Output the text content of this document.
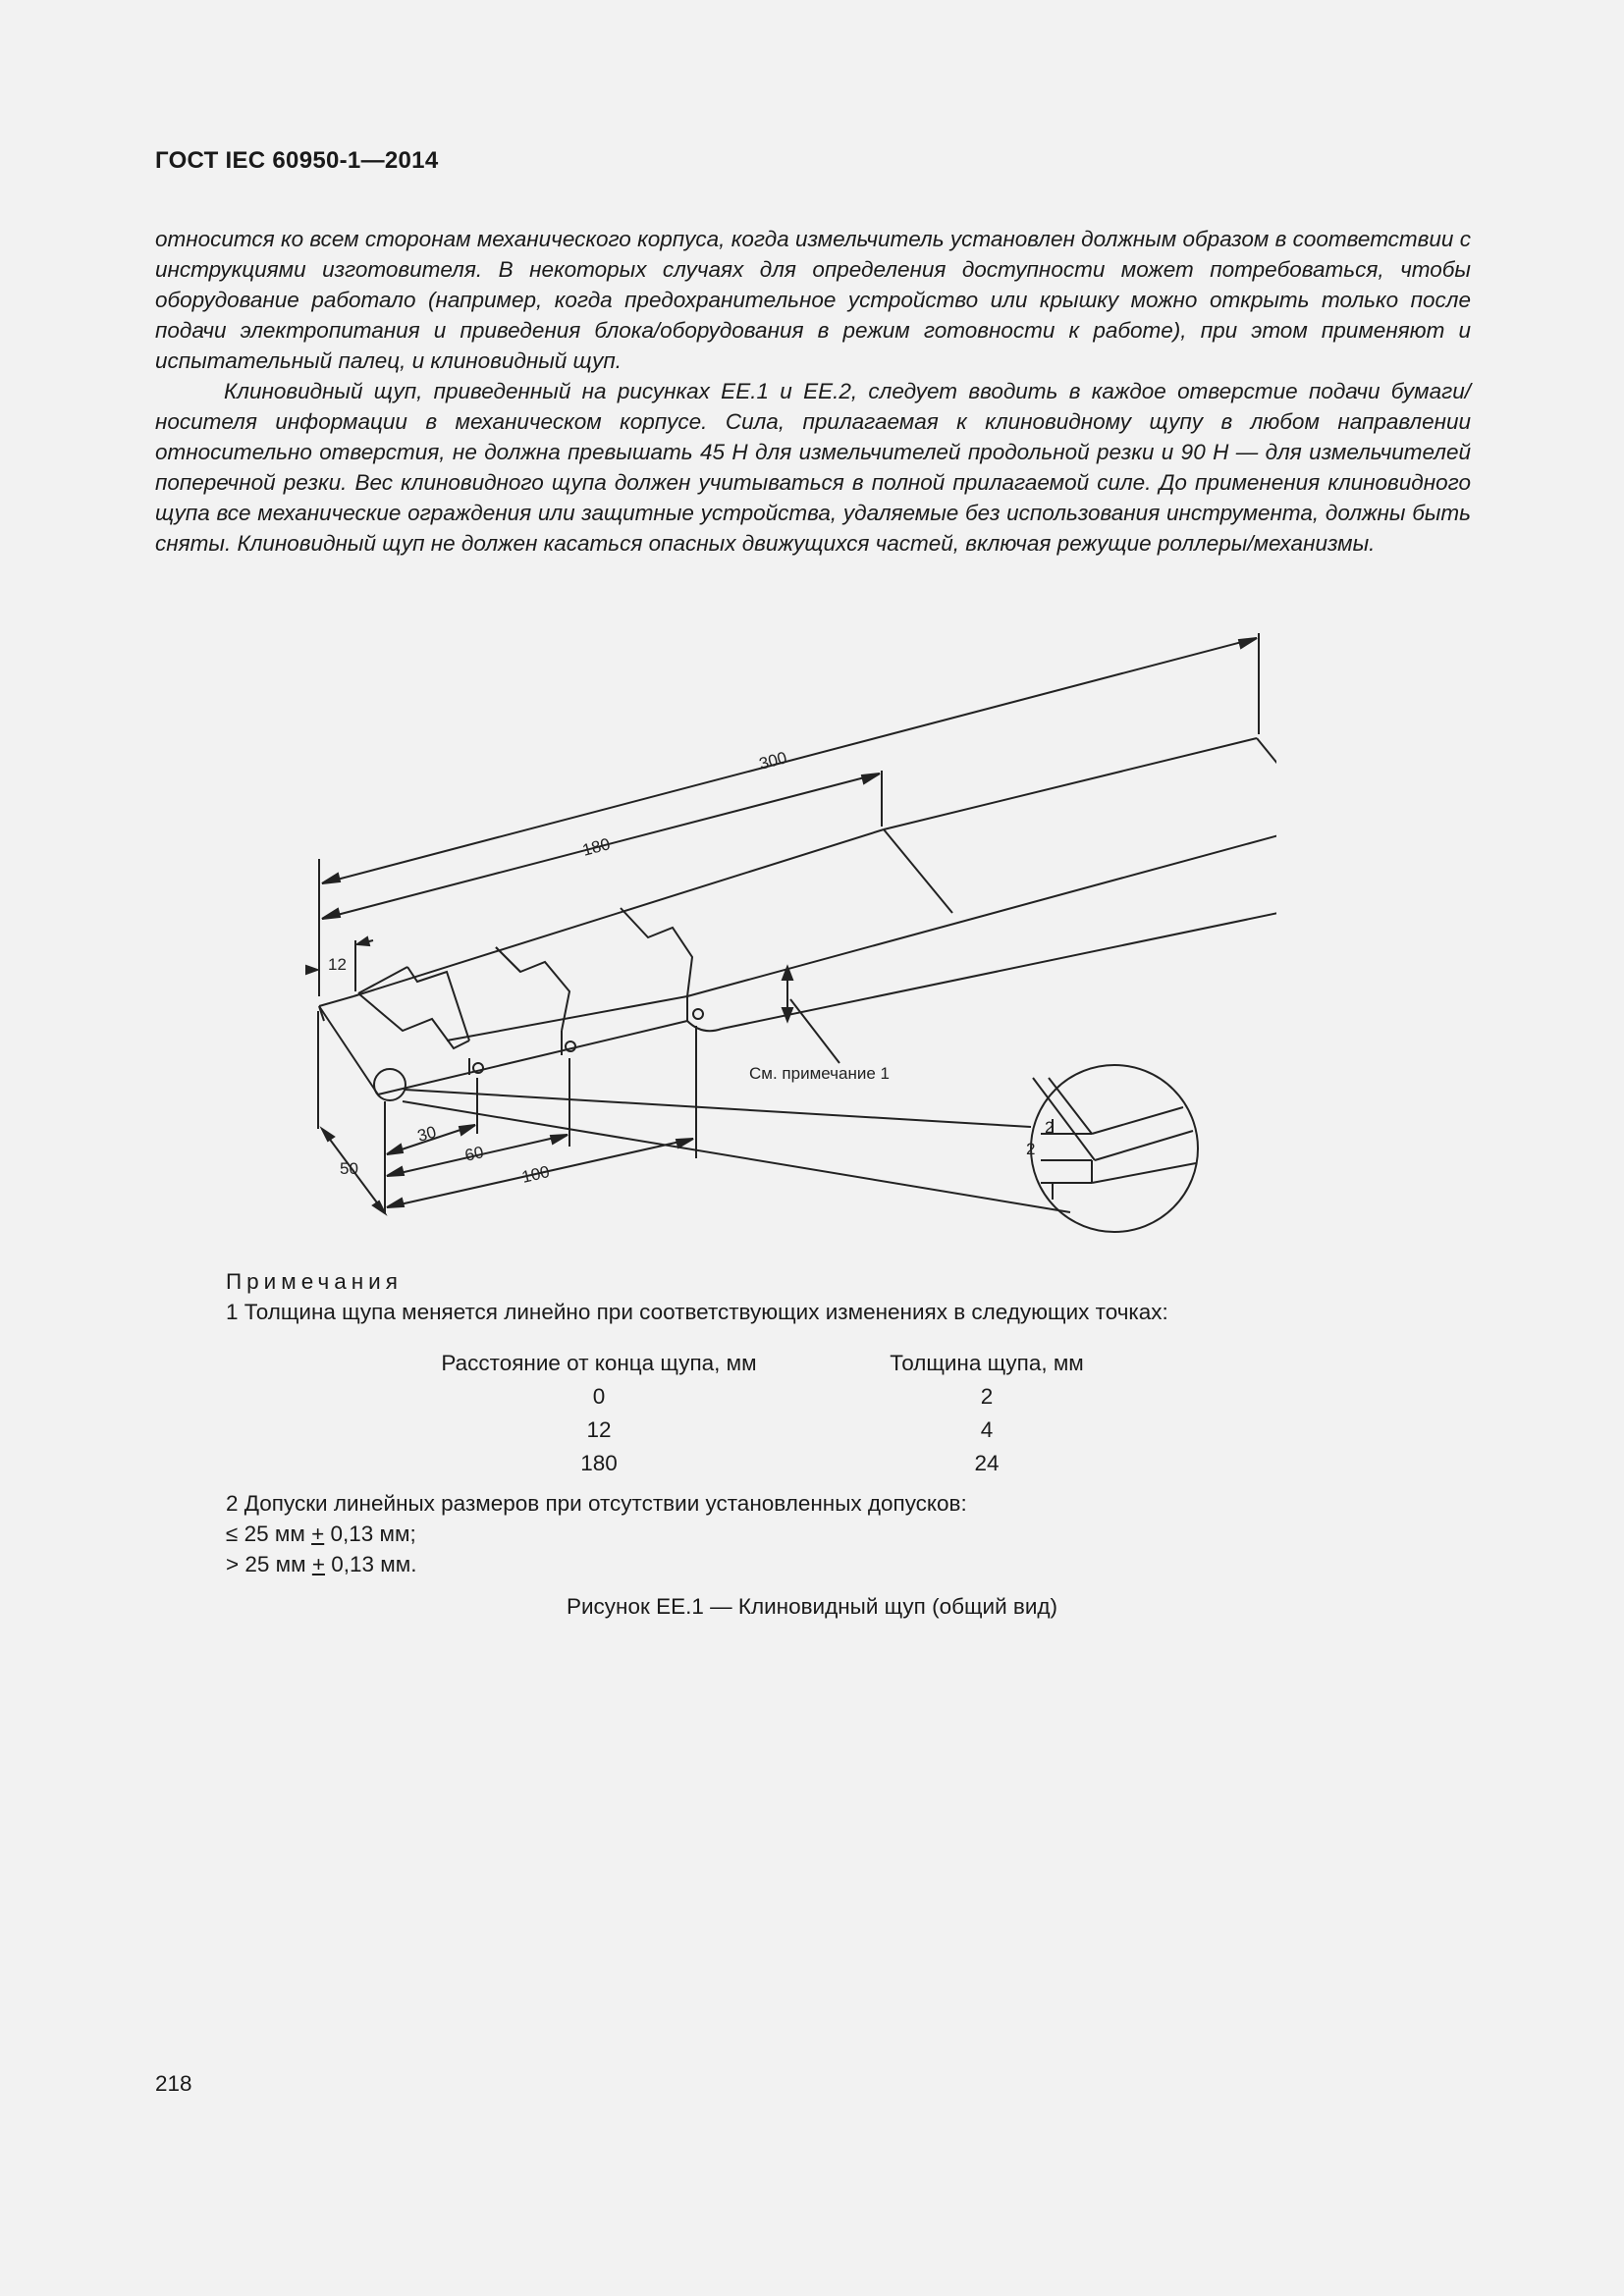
ГОСТ IEC 60950-1—2014

относится ко всем сторонам механического корпуса, когда измельчитель установлен должным образом в соответствии с инструкциями изготовителя. В некоторых случаях для определения доступности может потребоваться, чтобы оборудование работало (например, когда предохранительное устройство или крышку можно открыть только после подачи электропитания и приведения блока/оборудования в режим готовности к работе), при этом применяют и испытательный палец, и клиновидный щуп.

Клиновидный щуп, приведенный на рисунках ЕЕ.1 и ЕЕ.2, следует вводить в каждое отверстие подачи бумаги/носителя информации в механическом корпусе. Сила, прилагаемая к клиновидному щупу в любом направлении относительно отверстия, не должна превышать 45 Н для измельчителей продольной резки и 90 Н — для измельчителей поперечной резки. Вес клиновидного щупа должен учитываться в полной прилагаемой силе. До применения клиновидного щупа все механические ограждения или защитные устройства, удаляемые без использования инструмента, должны быть сняты. Клиновидный щуп не должен касаться опасных движущихся частей, включая режущие роллеры/механизмы.

300
180
12
30
60
100
50
2
2
См. примечание 1
Примечания
1 Толщина щупа меняется линейно при соответствующих изменениях в следующих точках:
Расстояние от конца щупа, мм	Толщина щупа, мм
0	2
12	4
180	24
2 Допуски линейных размеров при отсутствии установленных допусков:
≤ 25 мм + 0,13 мм;
> 25 мм + 0,13 мм.
Рисунок ЕЕ.1 — Клиновидный щуп (общий вид)
218
